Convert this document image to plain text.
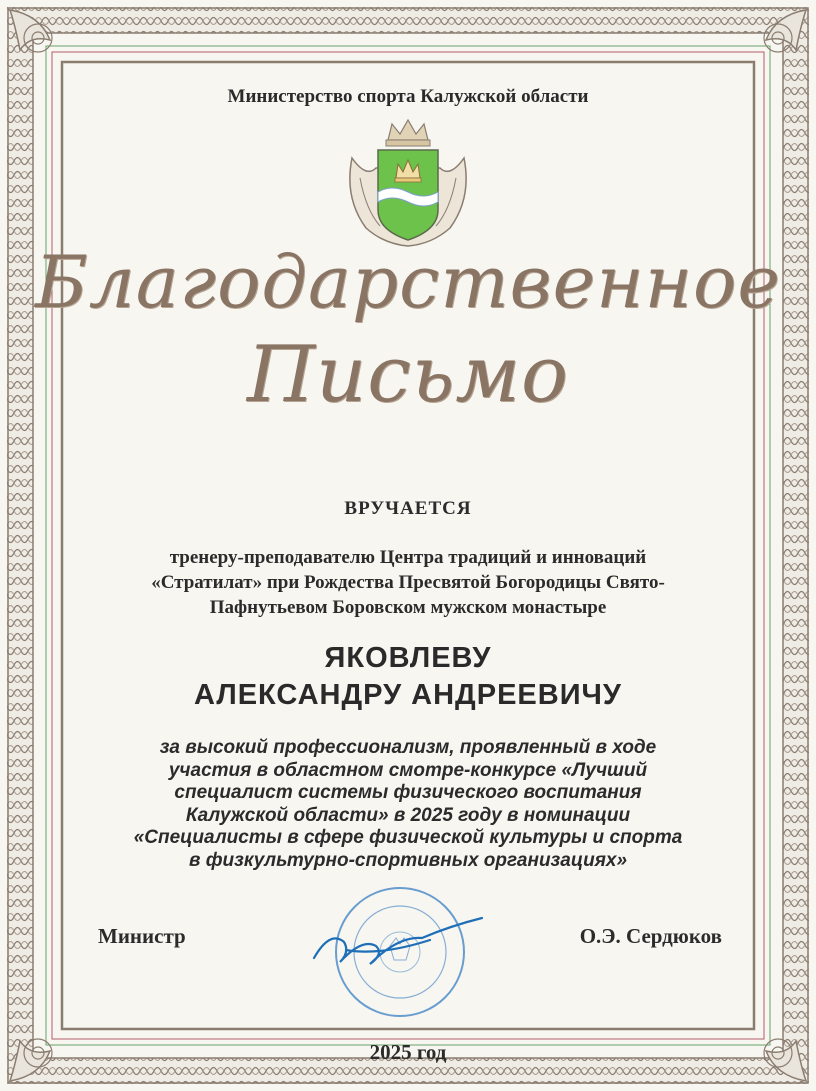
Министерство спорта Калужской области
Благодарственное
Письмо
ВРУЧАЕТСЯ
тренеру-преподавателю Центра традиций и инноваций
«Стратилат» при Рождества Пресвятой Богородицы Свято-
Пафнутьевом Боровском мужском монастыре
ЯКОВЛЕВУ
АЛЕКСАНДРУ АНДРЕЕВИЧУ
за высокий профессионализм, проявленный в ходе
участия в областном смотре-конкурсе «Лучший
специалист системы физического воспитания
Калужской области» в 2025 году в номинации
«Специалисты в сфере физической культуры и спорта
в физкультурно-спортивных организациях»
Министр	О.Э. Сердюков
2025 год
